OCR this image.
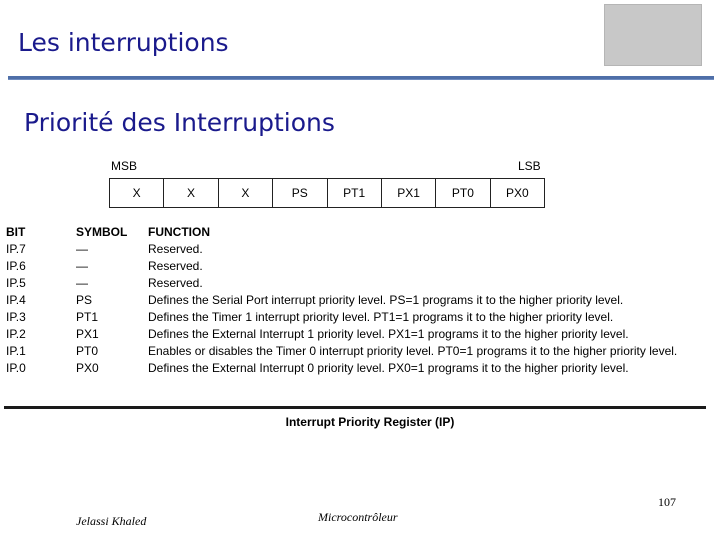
Les interruptions
Priorité des Interruptions
MSB	LSB
X	X	X	PS	PT1	PX1	PT0	PX0
BIT	SYMBOL FUNCTION
IP.7	—	Reserved.
IP.6	—	Reserved.
IP.5	—	Reserved.
IP.4	PS	Defines the Serial Port interrupt priority level. PS=1 programs it to the higher priority level.
IP.3	PT1	Defines the Timer 1 interrupt priority level. PT1=1 programs it to the higher priority level.
IP.2	PX1	Defines the External Interrupt 1 priority level. PX1=1 programs it to the higher priority level.
IP.1	PT0	Enables or disables the Timer 0 interrupt priority level. PT0=1 programs it to the higher priority level.
IP.0	PX0	Defines the External Interrupt 0 priority level. PX0=1 programs it to the higher priority level.
Interrupt Priority Register (IP)
Jelassi Khaled	Microcontrôleur
107
